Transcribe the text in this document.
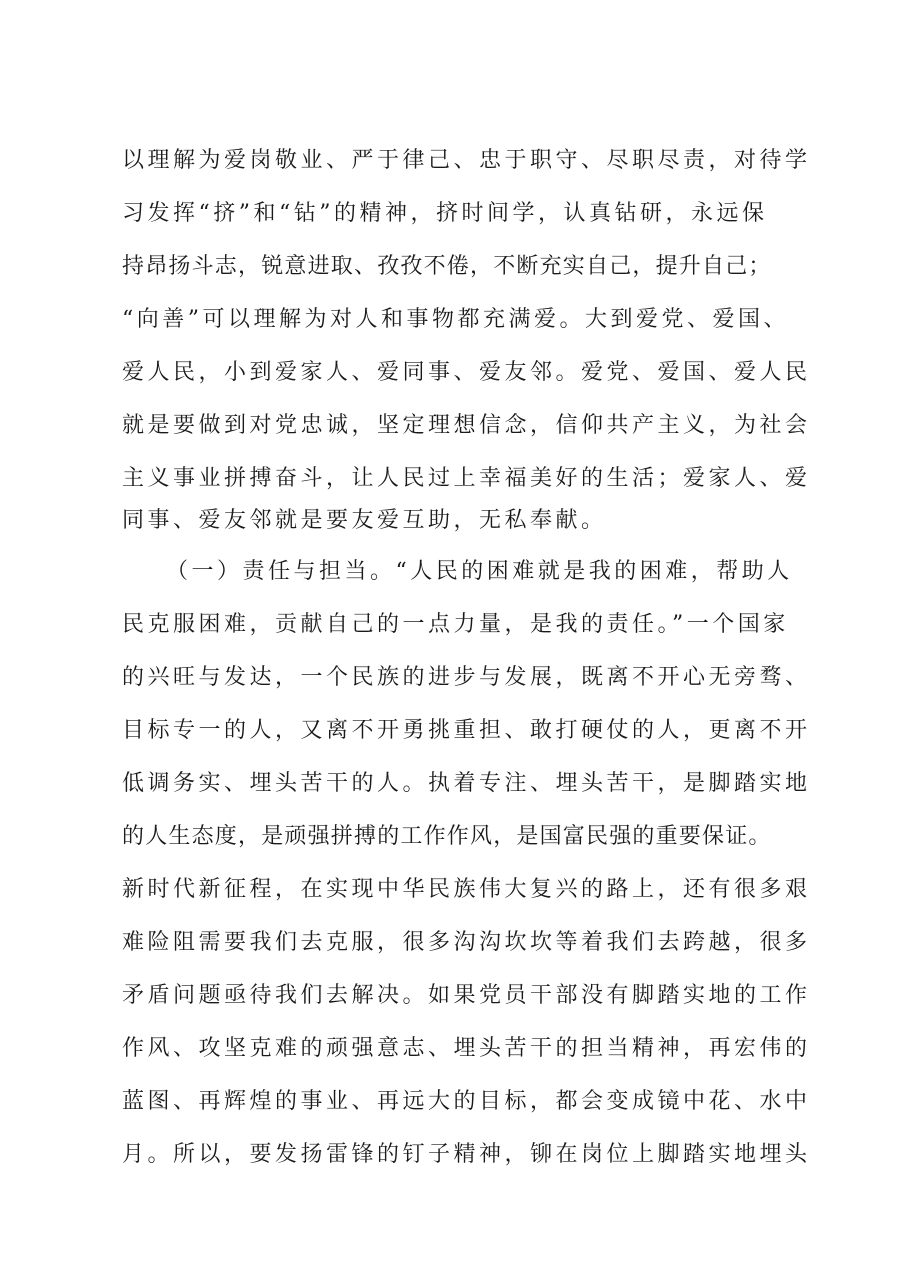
以理解为爱岗敬业、严于律己、忠于职守、尽职尽责，对待学
习发挥“挤”和“钻”的精神，挤时间学，认真钻研，永远保
持昂扬斗志，锐意进取、孜孜不倦，不断充实自己，提升自己；
“向善”可以理解为对人和事物都充满爱。大到爱党、爱国、
爱人民，小到爱家人、爱同事、爱友邻。爱党、爱国、爱人民
就是要做到对党忠诚，坚定理想信念，信仰共产主义，为社会
主义事业拼搏奋斗，让人民过上幸福美好的生活；爱家人、爱
同事、爱友邻就是要友爱互助，无私奉献。
（一）责任与担当。“人民的困难就是我的困难，帮助人
民克服困难，贡献自己的一点力量，是我的责任。”一个国家
的兴旺与发达，一个民族的进步与发展，既离不开心无旁骛、
目标专一的人，又离不开勇挑重担、敢打硬仗的人，更离不开
低调务实、埋头苦干的人。执着专注、埋头苦干，是脚踏实地
的人生态度，是顽强拼搏的工作作风，是国富民强的重要保证。
新时代新征程，在实现中华民族伟大复兴的路上，还有很多艰
难险阻需要我们去克服，很多沟沟坎坎等着我们去跨越，很多
矛盾问题亟待我们去解决。如果党员干部没有脚踏实地的工作
作风、攻坚克难的顽强意志、埋头苦干的担当精神，再宏伟的
蓝图、再辉煌的事业、再远大的目标，都会变成镜中花、水中
月。所以，要发扬雷锋的钉子精神，铆在岗位上脚踏实地埋头
